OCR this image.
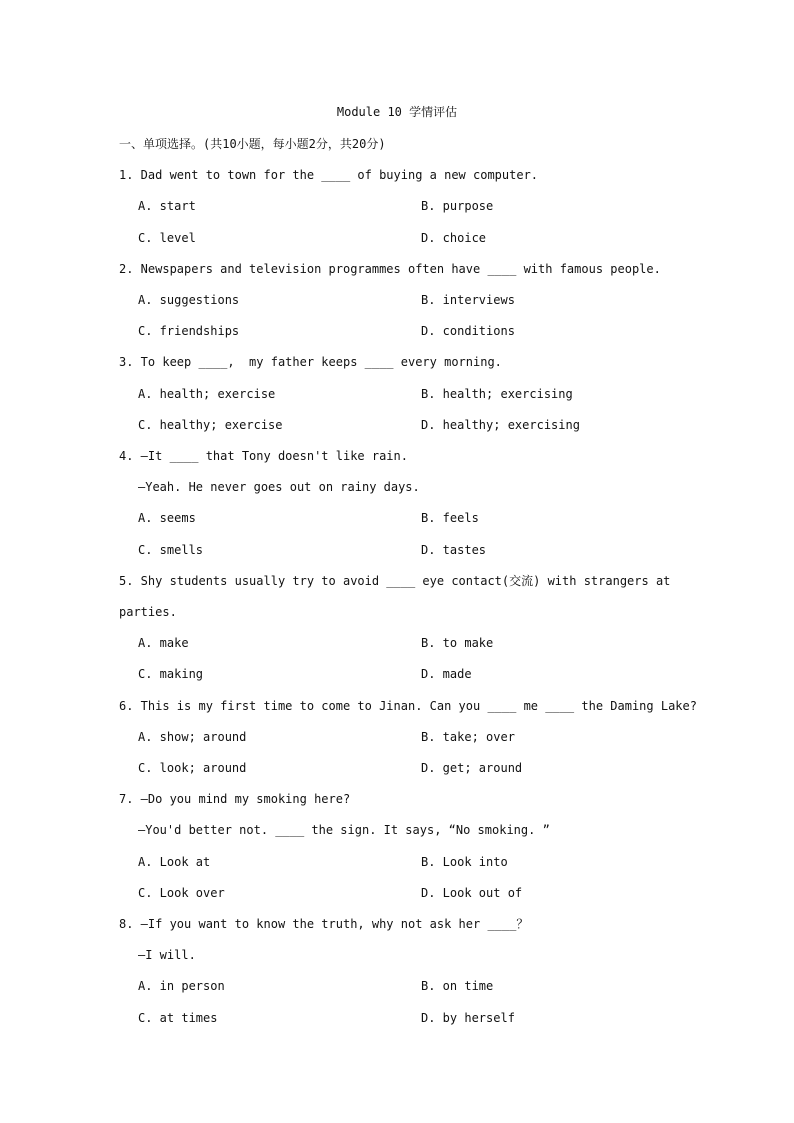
Module 10 学情评估
一、单项选择。(共10小题，每小题2分，共20分)
1. Dad went to town for the ____ of buying a new computer.
A. start	B. purpose
C. level	D. choice
2. Newspapers and television programmes often have ____ with famous people.
A. suggestions	B. interviews
C. friendships	D. conditions
3. To keep ____,  my father keeps ____ every morning.
A. health; exercise	B. health; exercising
C. healthy; exercise	D. healthy; exercising
4. —It ____ that Tony doesn't like rain.
—Yeah. He never goes out on rainy days.
A. seems	B. feels
C. smells	D. tastes
5. Shy students usually try to avoid ____ eye contact(交流) with strangers at
parties.
A. make	B. to make
C. making	D. made
6. This is my first time to come to Jinan. Can you ____ me ____ the Daming Lake?
A. show; around	B. take; over
C. look; around	D. get; around
7. —Do you mind my smoking here?
—You'd better not. ____ the sign. It says, “No smoking. ”
A. Look at	B. Look into
C. Look over	D. Look out of
8. —If you want to know the truth, why not ask her ____？
—I will.
A. in person	B. on time
C. at times	D. by herself
